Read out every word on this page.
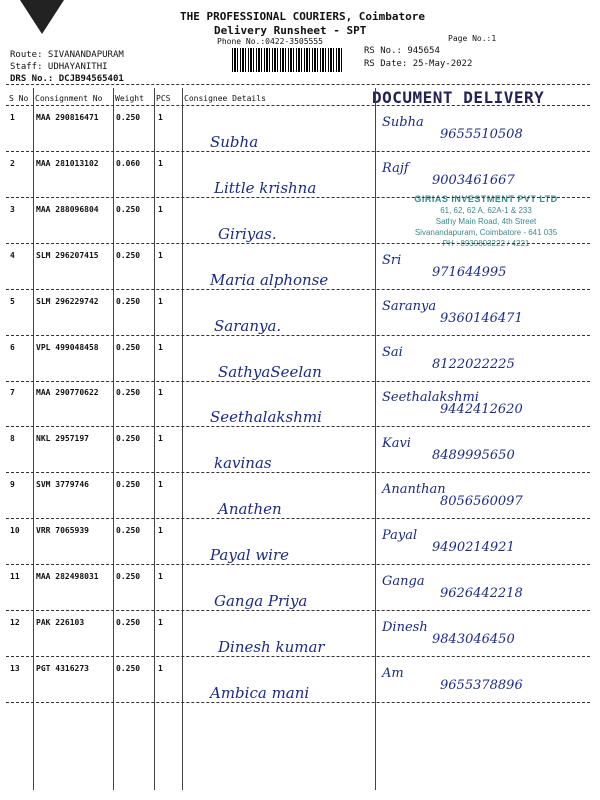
THE PROFESSIONAL COURIERS, Coimbatore
Delivery Runsheet - SPT
Phone No.:0422-3505555	Page No.:1
RS No.: 945654
RS Date: 25-May-2022
Route: SIVANANDAPURAM
Staff: UDHAYANITHI
DRS No.: DCJB94565401
S No Consignment No Weight PCS Consignee Details	DOCUMENT DELIVERY
GIRIAS INVESTMENT PVT LTD
61, 62, 62 A, 62A-1 & 233
Sathy Main Road, 4th Street
Sivanandapuram, Coimbatore - 641 035
PH : 8939803222 / 4221
1	MAA 290816471 0.250 1
Subha
Subha
9655510508
2	MAA 281013102 0.060 1
Little krishna
Rajf
9003461667
3	MAA 288096804 0.250 1
Giriyas.
4	SLM 296207415 0.250 1
Maria alphonse
Sri
971644995
5	SLM 296229742 0.250 1
Saranya.
Saranya
9360146471
6	VPL 499048458 0.250 1
SathyaSeelan
Sai
8122022225
7	MAA 290770622 0.250 1
Seethalakshmi
Seethalakshmi
9442412620
8	NKL 2957197	0.250 1
kavinas
Kavi
8489995650
9	SVM 3779746	0.250 1
Anathen
Ananthan
8056560097
10 VRR 7065939	0.250 1
Payal wire
Payal
9490214921
11 MAA 282498031 0.250 1
Ganga Priya
Ganga
9626442218
12 PAK 226103	0.250 1
Dinesh kumar
Dinesh
9843046450
13 PGT 4316273	0.250 1
Ambica mani
Am
9655378896
